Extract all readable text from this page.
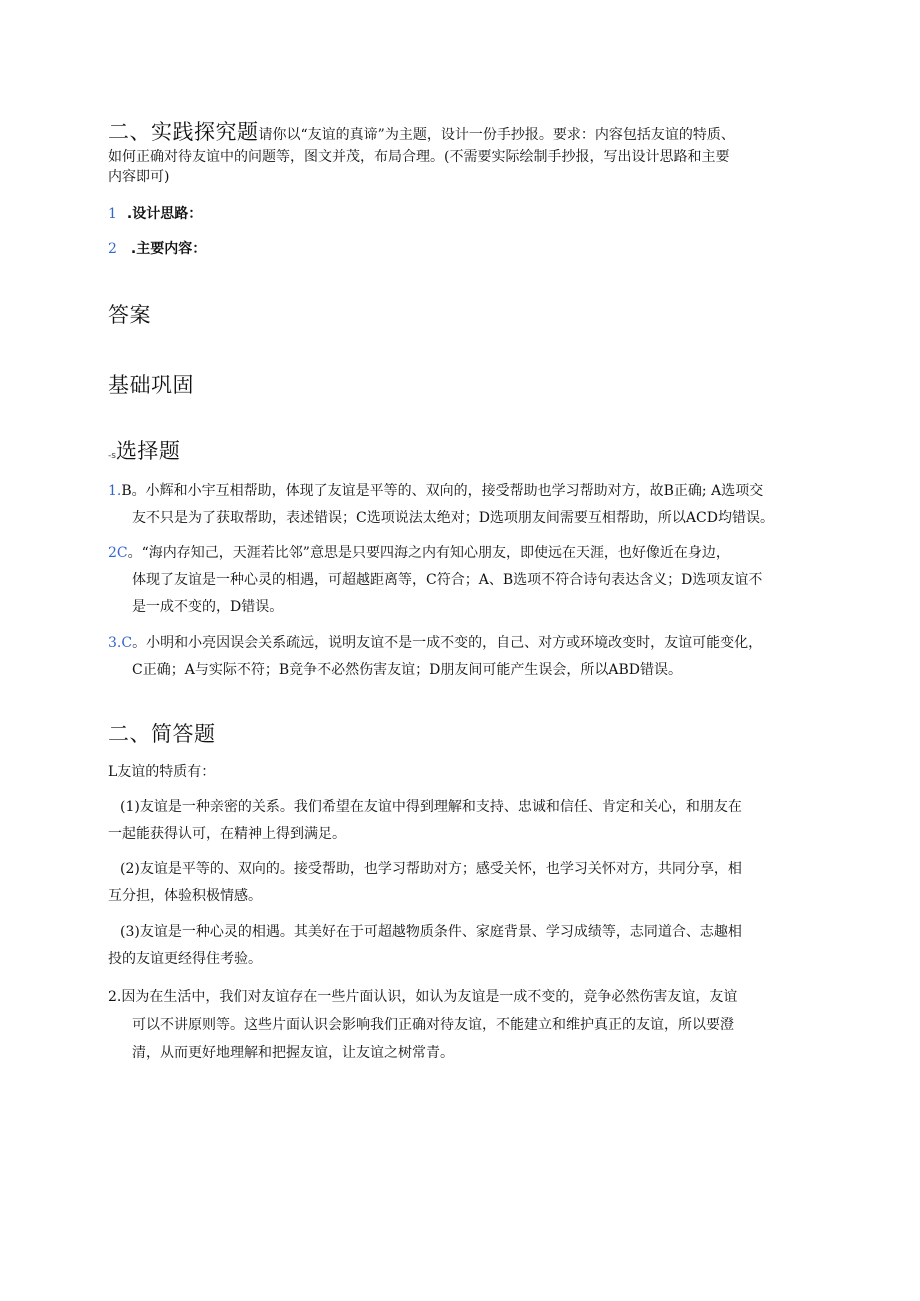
二、实践探究题请你以“友谊的真谛”为主题，设计一份手抄报。要求：内容包括友谊的特质、
如何正确对待友谊中的问题等，图文并茂，布局合理。(不需要实际绘制手抄报，写出设计思路和主要
内容即可)
1 .设计思路：
2 .主要内容：
答案
基础巩固
-s选择题
1.B。小辉和小宇互相帮助，体现了友谊是平等的、双向的，接受帮助也学习帮助对方，故B正确; A选项交
友不只是为了获取帮助，表述错误；C选项说法太绝对；D选项朋友间需要互相帮助，所以ACD均错误。
2C。“海内存知己，天涯若比邻”意思是只要四海之内有知心朋友，即使远在天涯，也好像近在身边，
体现了友谊是一种心灵的相遇，可超越距离等，C符合；A、B选项不符合诗句表达含义；D选项友谊不
是一成不变的，D错误。
3.C。小明和小亮因误会关系疏远，说明友谊不是一成不变的，自己、对方或环境改变时，友谊可能变化，
C正确；A与实际不符；B竞争不必然伤害友谊；D朋友间可能产生误会，所以ABD错误。
二、简答题
L友谊的特质有：
(1)友谊是一种亲密的关系。我们希望在友谊中得到理解和支持、忠诚和信任、肯定和关心，和朋友在
一起能获得认可，在精神上得到满足。
(2)友谊是平等的、双向的。接受帮助，也学习帮助对方；感受关怀，也学习关怀对方，共同分享，相
互分担，体验积极情感。
(3)友谊是一种心灵的相遇。其美好在于可超越物质条件、家庭背景、学习成绩等，志同道合、志趣相
投的友谊更经得住考验。
2.因为在生活中，我们对友谊存在一些片面认识，如认为友谊是一成不变的，竞争必然伤害友谊，友谊
可以不讲原则等。这些片面认识会影响我们正确对待友谊，不能建立和维护真正的友谊，所以要澄
清，从而更好地理解和把握友谊，让友谊之树常青。
